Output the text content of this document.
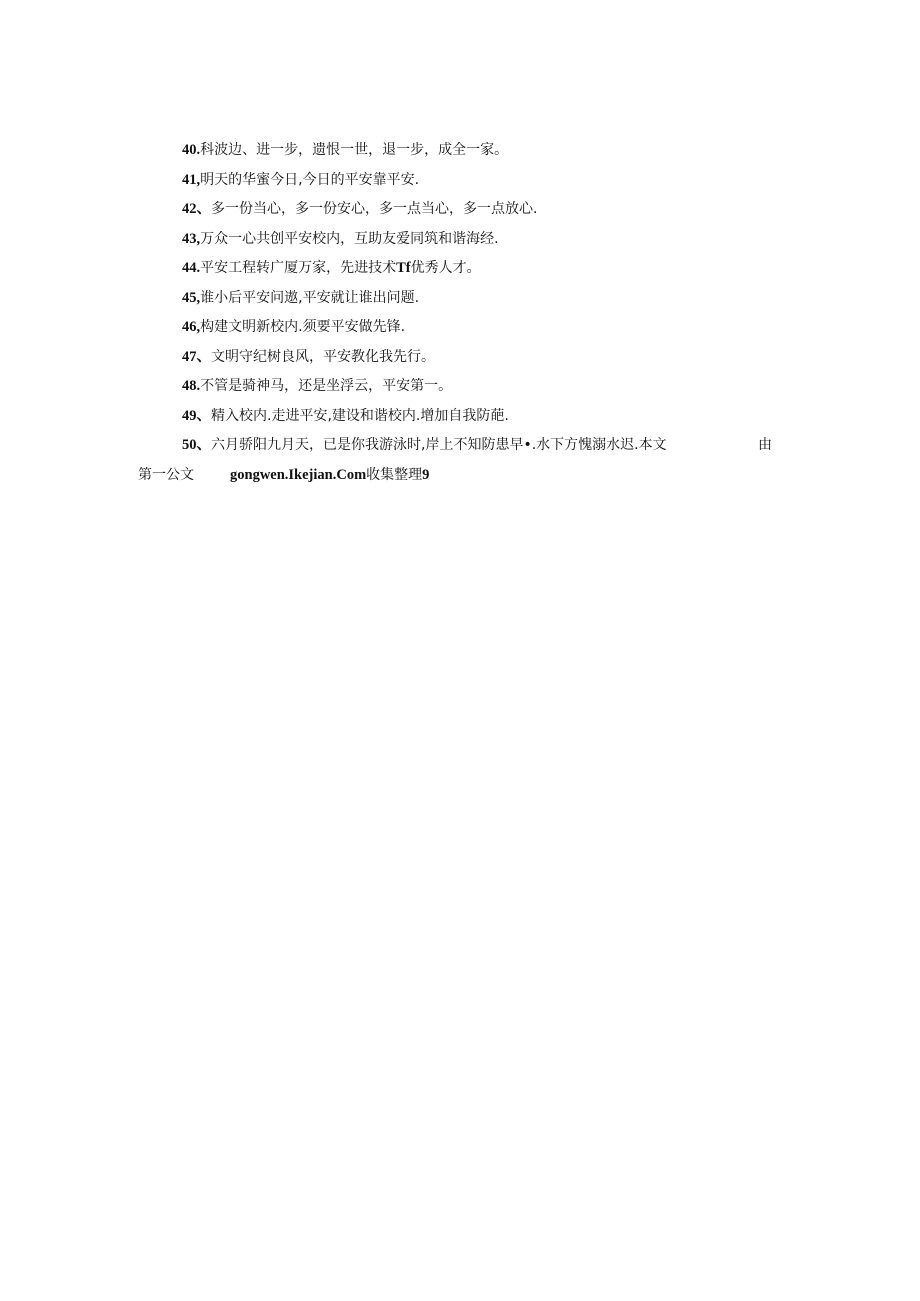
40.科波边、进一步，遗恨一世，退一步，成全一家。
41,明天的华蜜今日,今日的平安靠平安.
42、多一份当心，多一份安心，多一点当心，多一点放心.
43,万众一心共创平安校内，互助友爱同筑和谐海经.
44.平安工程转广厦万家，先进技术Tf优秀人才。
45,谁小后平安问遨,平安就让谁出问题.
46,构建文明新校内.须要平安做先锋.
47、文明守纪树良风，平安教化我先行。
48.不管是骑神马，还是坐浮云，平安第一。
49、精入校内.走进平安,建设和谐校内.增加自我防葩.
50、六月骄阳九月天，已是你我游泳时,岸上不知防患早•.水下方愧溺水迟.本文	由
第一公文 gongwen.Ikejian.Com收集整理9
